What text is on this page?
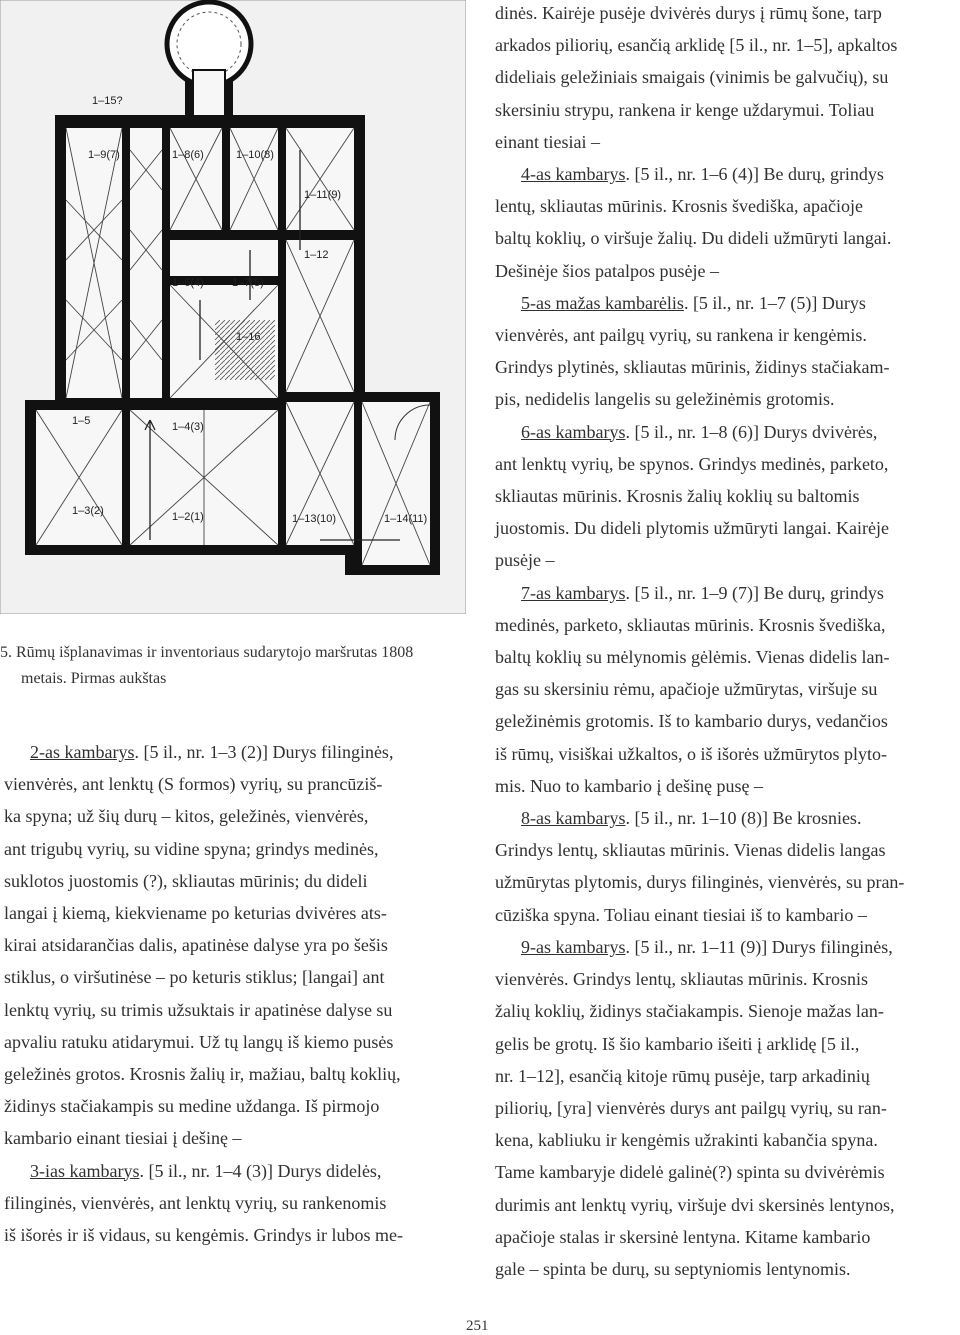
1–15?
1–9(7)	1–8(6)	1–10(8)
1–11(9)
1–12
1–6(4)	1–7(5)
1–16
1–5	1–4(3)
1–3(2)	1–2(1)	1–13(10)	1–14(11)
5. Rūmų išplanavimas ir inventoriaus sudarytojo maršrutas 1808
metais. Pirmas aukštas

2-as kambarys. [5 il., nr. 1–3 (2)] Durys filinginės,
vienvėrės, ant lenktų (S formos) vyrių, su prancūziš-
ka spyna; už šių durų – kitos, geležinės, vienvėrės,
ant trigubų vyrių, su vidine spyna; grindys medinės,
suklotos juostomis (?), skliautas mūrinis; du dideli
langai į kiemą, kiekviename po keturias dvivėres ats-
kirai atsidarančias dalis, apatinėse dalyse yra po šešis
stiklus, o viršutinėse – po keturis stiklus; [langai] ant
lenktų vyrių, su trimis užsuktais ir apatinėse dalyse su
apvaliu ratuku atidarymui. Už tų langų iš kiemo pusės
geležinės grotos. Krosnis žalių ir, mažiau, baltų koklių,
židinys stačiakampis su medine uždanga. Iš pirmojo
kambario einant tiesiai į dešinę –

3-ias kambarys. [5 il., nr. 1–4 (3)] Durys didelės,
filinginės, vienvėrės, ant lenktų vyrių, su rankenomis
iš išorės ir iš vidaus, su kengėmis. Grindys ir lubos me-

dinės. Kairėje pusėje dvivėrės durys į rūmų šone, tarp
arkados piliorių, esančią arklidę [5 il., nr. 1–5], apkaltos
dideliais geležiniais smaigais (vinimis be galvučių), su
skersiniu strypu, rankena ir kenge uždarymui. Toliau
einant tiesiai –

4-as kambarys. [5 il., nr. 1–6 (4)] Be durų, grindys
lentų, skliautas mūrinis. Krosnis švediška, apačioje
baltų koklių, o viršuje žalių. Du dideli užmūryti langai.
Dešinėje šios patalpos pusėje –

5-as mažas kambarėlis. [5 il., nr. 1–7 (5)] Durys
vienvėrės, ant pailgų vyrių, su rankena ir kengėmis.
Grindys plytinės, skliautas mūrinis, židinys stačiakam-
pis, nedidelis langelis su geležinėmis grotomis.

6-as kambarys. [5 il., nr. 1–8 (6)] Durys dvivėrės,
ant lenktų vyrių, be spynos. Grindys medinės, parketo,
skliautas mūrinis. Krosnis žalių koklių su baltomis
juostomis. Du dideli plytomis užmūryti langai. Kairėje
pusėje –

7-as kambarys. [5 il., nr. 1–9 (7)] Be durų, grindys
medinės, parketo, skliautas mūrinis. Krosnis švediška,
baltų koklių su mėlynomis gėlėmis. Vienas didelis lan-
gas su skersiniu rėmu, apačioje užmūrytas, viršuje su
geležinėmis grotomis. Iš to kambario durys, vedančios
iš rūmų, visiškai užkaltos, o iš išorės užmūrytos plyto-
mis. Nuo to kambario į dešinę pusę –

8-as kambarys. [5 il., nr. 1–10 (8)] Be krosnies.
Grindys lentų, skliautas mūrinis. Vienas didelis langas
užmūrytas plytomis, durys filinginės, vienvėrės, su pran-
cūziška spyna. Toliau einant tiesiai iš to kambario –

9-as kambarys. [5 il., nr. 1–11 (9)] Durys filinginės,
vienvėrės. Grindys lentų, skliautas mūrinis. Krosnis
žalių koklių, židinys stačiakampis. Sienoje mažas lan-
gelis be grotų. Iš šio kambario išeiti į arklidę [5 il.,
nr. 1–12], esančią kitoje rūmų pusėje, tarp arkadinių
piliorių, [yra] vienvėrės durys ant pailgų vyrių, su ran-
kena, kabliuku ir kengėmis užrakinti kabančia spyna.
Tame kambaryje didelė galinė(?) spinta su dvivėrėmis
durimis ant lenktų vyrių, viršuje dvi skersinės lentynos,
apačioje stalas ir skersinė lentyna. Kitame kambario
gale – spinta be durų, su septyniomis lentynomis.

251
